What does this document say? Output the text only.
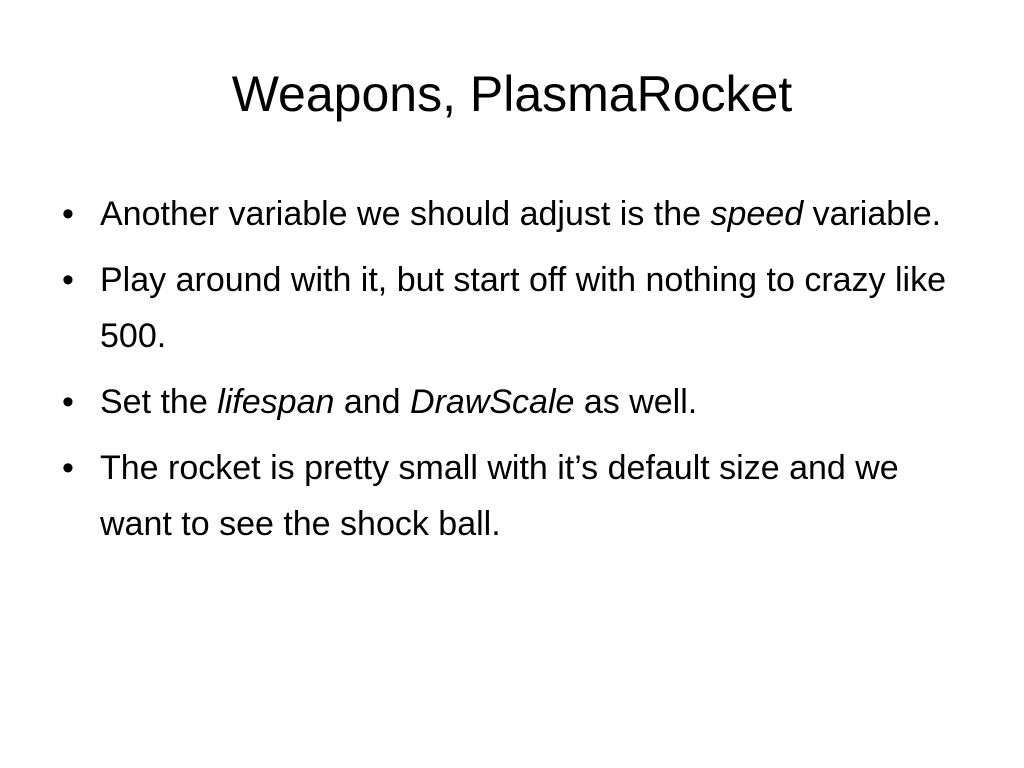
Weapons, PlasmaRocket
• Another variable we should adjust is the speed variable.
• Play around with it, but start off with nothing to crazy like 500.
• Set the lifespan and DrawScale as well.
• The rocket is pretty small with it’s default size and we want to see the shock ball.
